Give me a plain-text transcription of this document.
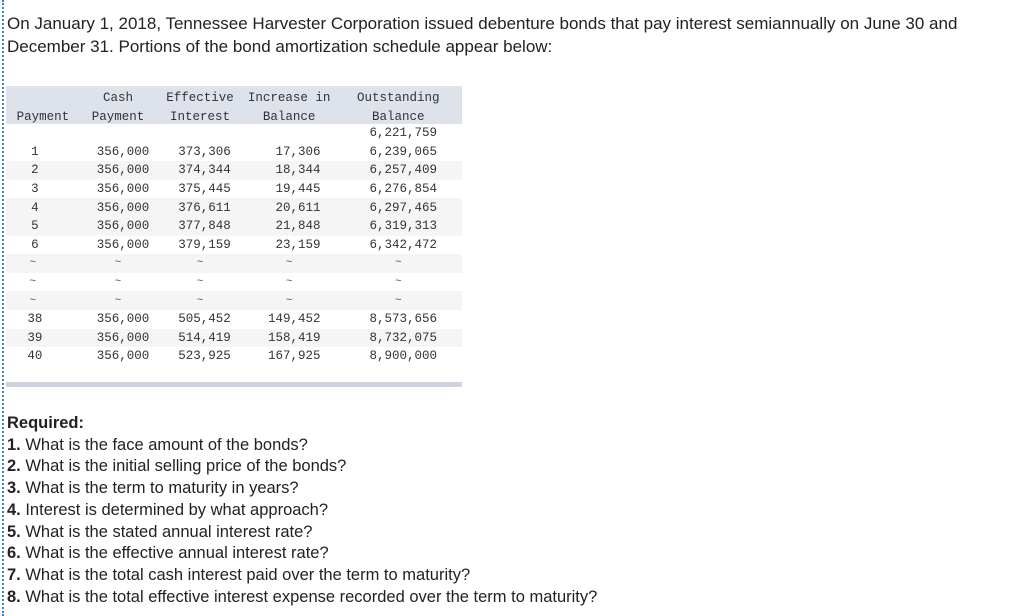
On January 1, 2018, Tennessee Harvester Corporation issued debenture bonds that pay interest semiannually on June 30 and December 31. Portions of the bond amortization schedule appear below:
	Cash	Effective	Increase in	Outstanding
Payment	Payment	Interest	Balance	Balance
				6,221,759
1	356,000	373,306	17,306	6,239,065
2	356,000	374,344	18,344	6,257,409
3	356,000	375,445	19,445	6,276,854
4	356,000	376,611	20,611	6,297,465
5	356,000	377,848	21,848	6,319,313
6	356,000	379,159	23,159	6,342,472
~	~	~	~	~
~	~	~	~	~
~	~	~	~	~
38	356,000	505,452	149,452	8,573,656
39	356,000	514,419	158,419	8,732,075
40	356,000	523,925	167,925	8,900,000
Required:
1. What is the face amount of the bonds?
2. What is the initial selling price of the bonds?
3. What is the term to maturity in years?
4. Interest is determined by what approach?
5. What is the stated annual interest rate?
6. What is the effective annual interest rate?
7. What is the total cash interest paid over the term to maturity?
8. What is the total effective interest expense recorded over the term to maturity?
